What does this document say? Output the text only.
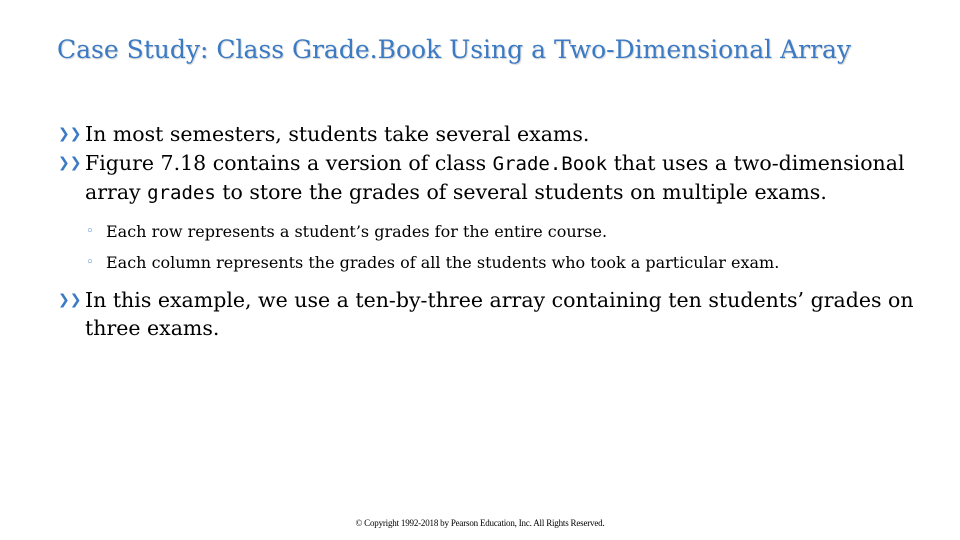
Case Study: Class Grade.Book Using a Two-Dimensional Array

❯❯ In most semesters, students take several exams.

❯❯ Figure 7.18 contains a version of class Grade.Book that uses a two-dimensional array grades to store the grades of several students on multiple exams.

◦ Each row represents a student’s grades for the entire course.

◦ Each column represents the grades of all the students who took a particular exam.

❯❯ In this example, we use a ten-by-three array containing ten students’ grades on three exams.

© Copyright 1992-2018 by Pearson Education, Inc. All Rights Reserved.
